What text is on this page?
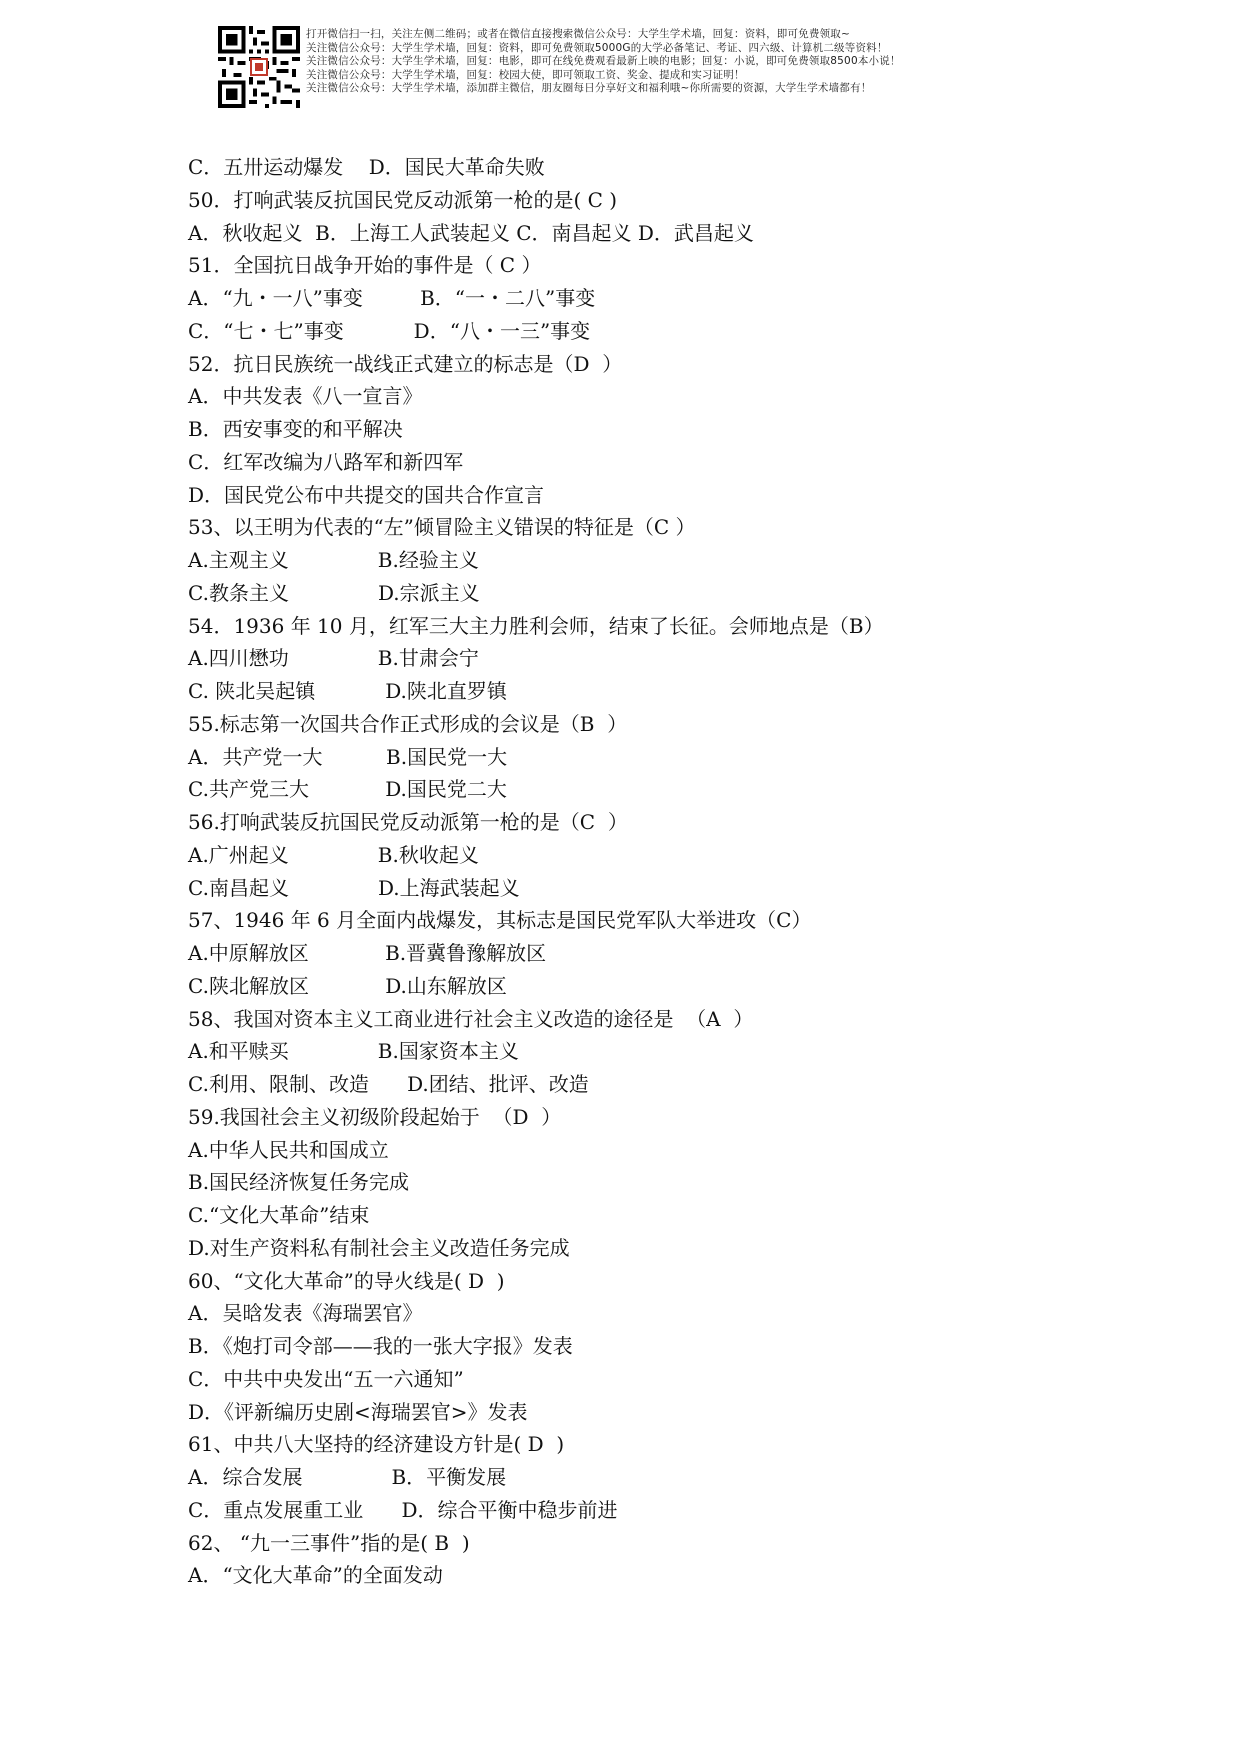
打开微信扫一扫，关注左侧二维码；或者在微信直接搜索微信公众号：大学生学术墙，回复：资料，即可免费领取~
关注微信公众号：大学生学术墙，回复：资料，即可免费领取5000G的大学必备笔记、考证、四六级、计算机二级等资料！
关注微信公众号：大学生学术墙，回复：电影，即可在线免费观看最新上映的电影；回复：小说，即可免费领取8500本小说！
关注微信公众号：大学生学术墙，回复：校园大使，即可领取工资、奖金、提成和实习证明！
关注微信公众号：大学生学术墙，添加群主微信，朋友圈每日分享好文和福利哦~你所需要的资源，大学生学术墙都有！
C．五卅运动爆发    D．国民大革命失败
50．打响武装反抗国民党反动派第一枪的是( C )
A．秋收起义  B．上海工人武装起义 C．南昌起义 D．武昌起义
51．全国抗日战争开始的事件是（ C ）
A．“九・一八”事变         B．“一・二八”事变
C．“七・七”事变           D．“八・一三”事变
52．抗日民族统一战线正式建立的标志是（D  ）
A．中共发表《八一宣言》
B．西安事变的和平解决
C．红军改编为八路军和新四军
D．国民党公布中共提交的国共合作宣言
53、以王明为代表的“左”倾冒险主义错误的特征是（C ）
A.主观主义              B.经验主义
C.教条主义              D.宗派主义
54．1936 年 10 月，红军三大主力胜利会师，结束了长征。会师地点是（B）
A.四川懋功              B.甘肃会宁
C. 陕北吴起镇           D.陕北直罗镇
55.标志第一次国共合作正式形成的会议是（B  ）
A．共产党一大          B.国民党一大
C.共产党三大            D.国民党二大
56.打响武装反抗国民党反动派第一枪的是（C  ）
A.广州起义              B.秋收起义
C.南昌起义              D.上海武装起义
57、1946 年 6 月全面内战爆发，其标志是国民党军队大举进攻（C）
A.中原解放区            B.晋冀鲁豫解放区
C.陕北解放区            D.山东解放区
58、我国对资本主义工商业进行社会主义改造的途径是  （A  ）
A.和平赎买              B.国家资本主义
C.利用、限制、改造      D.团结、批评、改造
59.我国社会主义初级阶段起始于  （D  ）
A.中华人民共和国成立
B.国民经济恢复任务完成
C.“文化大革命”结束
D.对生产资料私有制社会主义改造任务完成
60、“文化大革命”的导火线是( D  )
A．吴晗发表《海瑞罢官》
B．《炮打司令部——我的一张大字报》发表
C．中共中央发出“五一六通知”
D．《评新编历史剧<海瑞罢官>》发表
61、中共八大坚持的经济建设方针是( D  )
A．综合发展              B．平衡发展
C．重点发展重工业      D．综合平衡中稳步前进
62、 “九一三事件”指的是( B  )
A．“文化大革命”的全面发动
